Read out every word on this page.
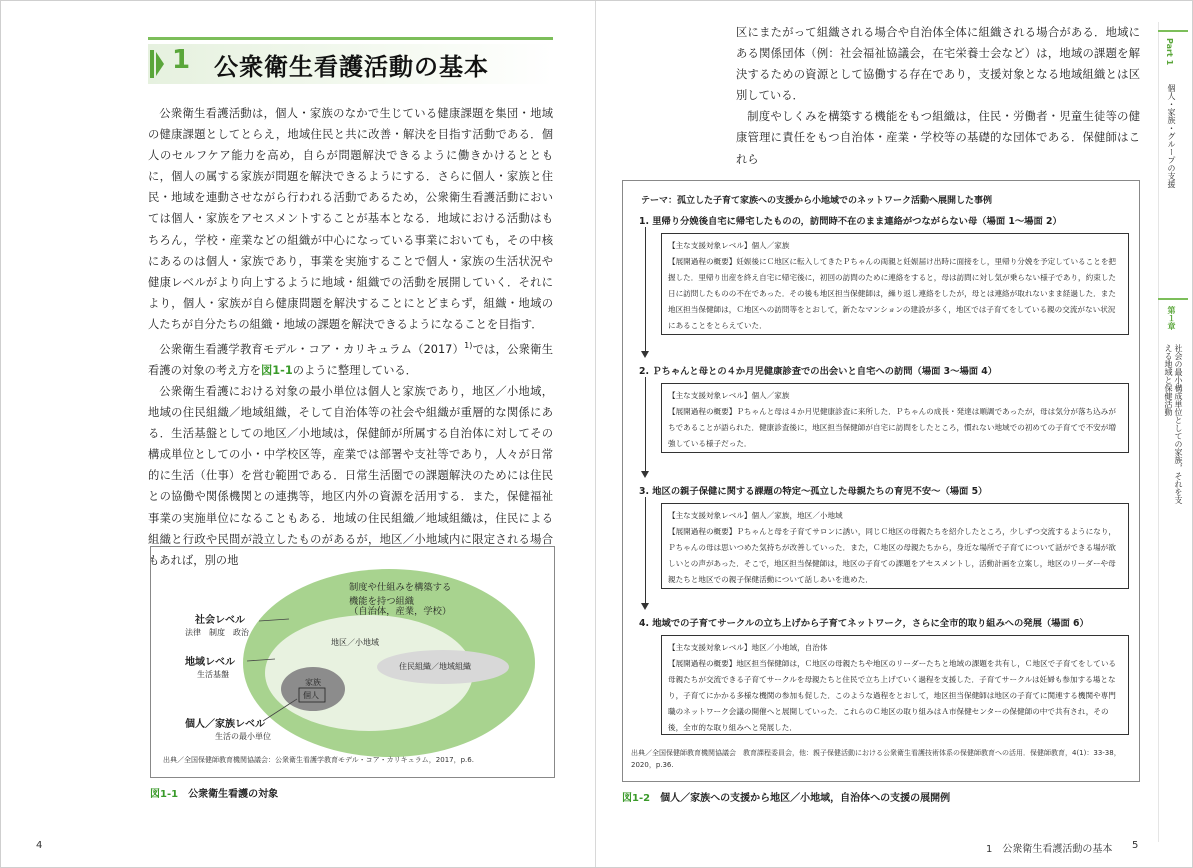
1 公衆衛生看護活動の基本

公衆衛生看護活動は，個人・家族のなかで生じている健康課題を集団・地域の健康課題としてとらえ，地域住民と共に改善・解決を目指す活動である．個人のセルフケア能力を高め，自らが問題解決できるように働きかけるとともに，個人の属する家族が問題を解決できるようにする．さらに個人・家族と住民・地域を連動させながら行われる活動であるため，公衆衛生看護活動においては個人・家族をアセスメントすることが基本となる．地域における活動はもちろん，学校・産業などの組織が中心になっている事業においても，その中核にあるのは個人・家族であり，事業を実施することで個人・家族の生活状況や健康レベルがより向上するように地域・組織での活動を展開していく．それにより，個人・家族が自ら健康問題を解決することにとどまらず，組織・地域の人たちが自分たちの組織・地域の課題を解決できるようになることを目指す．

公衆衛生看護学教育モデル・コア・カリキュラム（2017）$^{1)}$では，公衆衛生看護の対象の考え方を図1-1のように整理している．

公衆衛生看護における対象の最小単位は個人と家族であり，地区／小地域，地域の住民組織／地域組織，そして自治体等の社会や組織が重層的な関係にある．生活基盤としての地区／小地域は，保健師が所属する自治体に対してその構成単位としての小・中学校区等，産業では部署や支社等であり，人々が日常的に生活（仕事）を営む範囲である．日常生活圏での課題解決のためには住民との協働や関係機関との連携等，地区内外の資源を活用する．また，保健福祉事業の実施単位になることもある．地域の住民組織／地域組織は，住民による組織と行政や民間が設立したものがあるが，地区／小地域内に限定される場合もあれば，別の地

制度や仕組みを構築する機能を持つ組織
（自治体，産業，学校）
社会レベル
法律　制度　政治
地域レベル
生活基盤
地区／小地域
住民組織／地域組織
家族
個人
個人／家族レベル
生活の最小単位
出典／全国保健師教育機関協議会：公衆衛生看護学教育モデル・コア・カリキュラム，2017，p.6.
図1-1 公衆衛生看護の対象
4
区にまたがって組織される場合や自治体全体に組織される場合がある．地域にある関係団体（例：社会福祉協議会，在宅栄養士会など）は，地域の課題を解決するための資源として協働する存在であり，支援対象となる地域組織とは区別している．
制度やしくみを構築する機能をもつ組織は，住民・労働者・児童生徒等の健康管理に責任をもつ自治体・産業・学校等の基礎的な団体である．保健師はこれら
テーマ：孤立した子育て家族への支援から小地域でのネットワーク活動へ展開した事例
1. 里帰り分娩後自宅に帰宅したものの，訪問時不在のまま連絡がつながらない母（場面 1〜場面 2）
【主な支援対象レベル】個人／家族
【展開過程の概要】妊娠後にＣ地区に転入してきたＰちゃんの両親と妊娠届け出時に面接をし，里帰り分娩を予定していることを把握した．里帰り出産を終え自宅に帰宅後に，初回の訪問のために連絡をすると，母は訪問に対し気が乗らない様子であり，約束した日に訪問したものの不在であった．その後も地区担当保健師は，繰り返し連絡をしたが，母とは連絡が取れないまま経過した．また地区担当保健師は，Ｃ地区への訪問等をとおして，新たなマンションの建設が多く，地区では子育てをしている親の交流がない状況にあることをとらえていた．
2. Ｐちゃんと母との４か月児健康診査での出会いと自宅への訪問（場面 3〜場面 4）
【主な支援対象レベル】個人／家族
【展開過程の概要】Ｐちゃんと母は４か月児健康診査に来所した．Ｐちゃんの成長・発達は順調であったが，母は気分が落ち込みがちであることが語られた．健康診査後に，地区担当保健師が自宅に訪問をしたところ，慣れない地域での初めての子育てで不安が増強している様子だった．
3. 地区の親子保健に関する課題の特定〜孤立した母親たちの育児不安〜（場面 5）
【主な支援対象レベル】個人／家族，地区／小地域
【展開過程の概要】Ｐちゃんと母を子育てサロンに誘い，同じＣ地区の母親たちを紹介したところ，少しずつ交流するようになり，Ｐちゃんの母は思いつめた気持ちが改善していった．また，Ｃ地区の母親たちから，身近な場所で子育てについて話ができる場が欲しいとの声があった．そこで，地区担当保健師は，地区の子育ての課題をアセスメントし，活動計画を立案し，地区のリーダーや母親たちと地区での親子保健活動について話しあいを進めた．
4. 地域での子育てサークルの立ち上げから子育てネットワーク，さらに全市的取り組みへの発展（場面 6）
【主な支援対象レベル】地区／小地域，自治体
【展開過程の概要】地区担当保健師は，Ｃ地区の母親たちや地区のリーダーたちと地域の課題を共有し，Ｃ地区で子育てをしている母親たちが交流できる子育てサークルを母親たちと住民で立ち上げていく過程を支援した．子育てサークルは妊婦も参加する場となり，子育てにかかる多様な機関の参加も促した．このような過程をとおして，地区担当保健師は地区の子育てに関連する機関や専門職のネットワーク会議の開催へと展開していった．これらのＣ地区の取り組みはＡ市保健センターの保健師の中で共有され，その後，全市的な取り組みへと発展した．
出典／全国保健師教育機関協議会　教育課程委員会，他：親子保健活動における公衆衛生看護技術体系の保健師教育への活用．保健師教育，4(1)：33-38，2020，p.36.
図1-2 個人／家族への支援から地区／小地域，自治体への支援の展開例
1　公衆衛生看護活動の基本 5
Part 1
個人・家族・グループの支援
第１章
社会の最小構成単位としての家族，それを支える地域と保健活動
